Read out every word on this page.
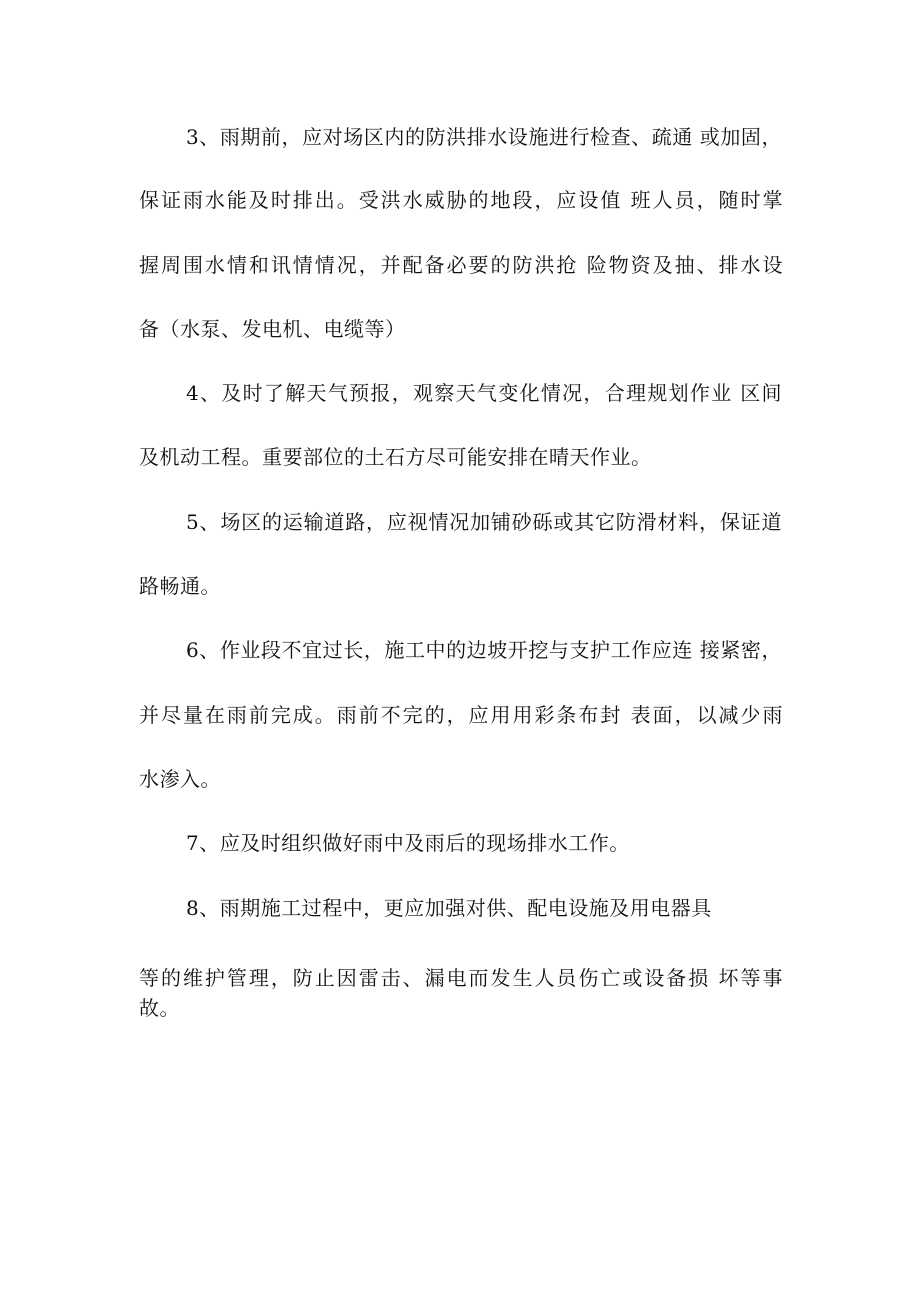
3、雨期前，应对场区内的防洪排水设施进行检查、疏通 或加固，
保证雨水能及时排出。受洪水威胁的地段，应设值 班人员，随时掌
握周围水情和讯情情况，并配备必要的防洪抢 险物资及抽、排水设
备（水泵、发电机、电缆等）
4、及时了解天气预报，观察天气变化情况，合理规划作业 区间
及机动工程。重要部位的土石方尽可能安排在晴天作业。
5、场区的运输道路，应视情况加铺砂砾或其它防滑材料，保证道
路畅通。
6、作业段不宜过长，施工中的边坡开挖与支护工作应连 接紧密，
并尽量在雨前完成。雨前不完的，应用用彩条布封 表面，以减少雨
水渗入。
7、应及时组织做好雨中及雨后的现场排水工作。
8、雨期施工过程中，更应加强对供、配电设施及用电器具
等的维护管理，防止因雷击、漏电而发生人员伤亡或设备损 坏等事
故。
